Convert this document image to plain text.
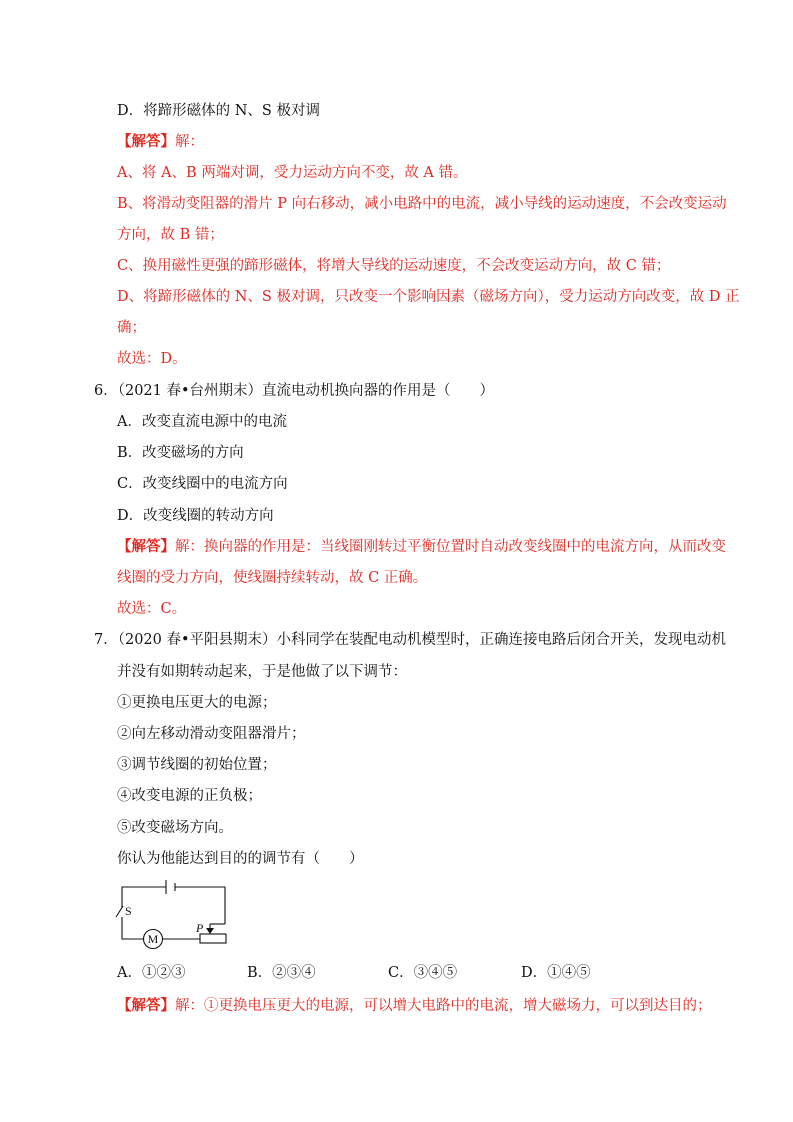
D．将蹄形磁体的 N、S 极对调
【解答】解：
A、将 A、B 两端对调，受力运动方向不变，故 A 错。
B、将滑动变阻器的滑片 P 向右移动，减小电路中的电流，减小导线的运动速度，不会改变运动
方向，故 B 错；
C、换用磁性更强的蹄形磁体，将增大导线的运动速度，不会改变运动方向，故 C 错；
D、将蹄形磁体的 N、S 极对调，只改变一个影响因素（磁场方向），受力运动方向改变，故 D 正
确；
故选：D。
6．（2021 春•台州期末）直流电动机换向器的作用是（　　）
A．改变直流电源中的电流
B．改变磁场的方向
C．改变线圈中的电流方向
D．改变线圈的转动方向
【解答】解：换向器的作用是：当线圈刚转过平衡位置时自动改变线圈中的电流方向，从而改变
线圈的受力方向，使线圈持续转动，故 C 正确。
故选：C。
7．（2020 春•平阳县期末）小科同学在装配电动机模型时，正确连接电路后闭合开关，发现电动机
并没有如期转动起来，于是他做了以下调节：
①更换电压更大的电源；
②向左移动滑动变阻器滑片；
③调节线圈的初始位置；
④改变电源的正负极；
⑤改变磁场方向。
你认为他能达到目的的调节有（　　）
S
M
P
A．①②③	B．②③④	C．③④⑤	D．①④⑤
【解答】解：①更换电压更大的电源，可以增大电路中的电流，增大磁场力，可以到达目的；
